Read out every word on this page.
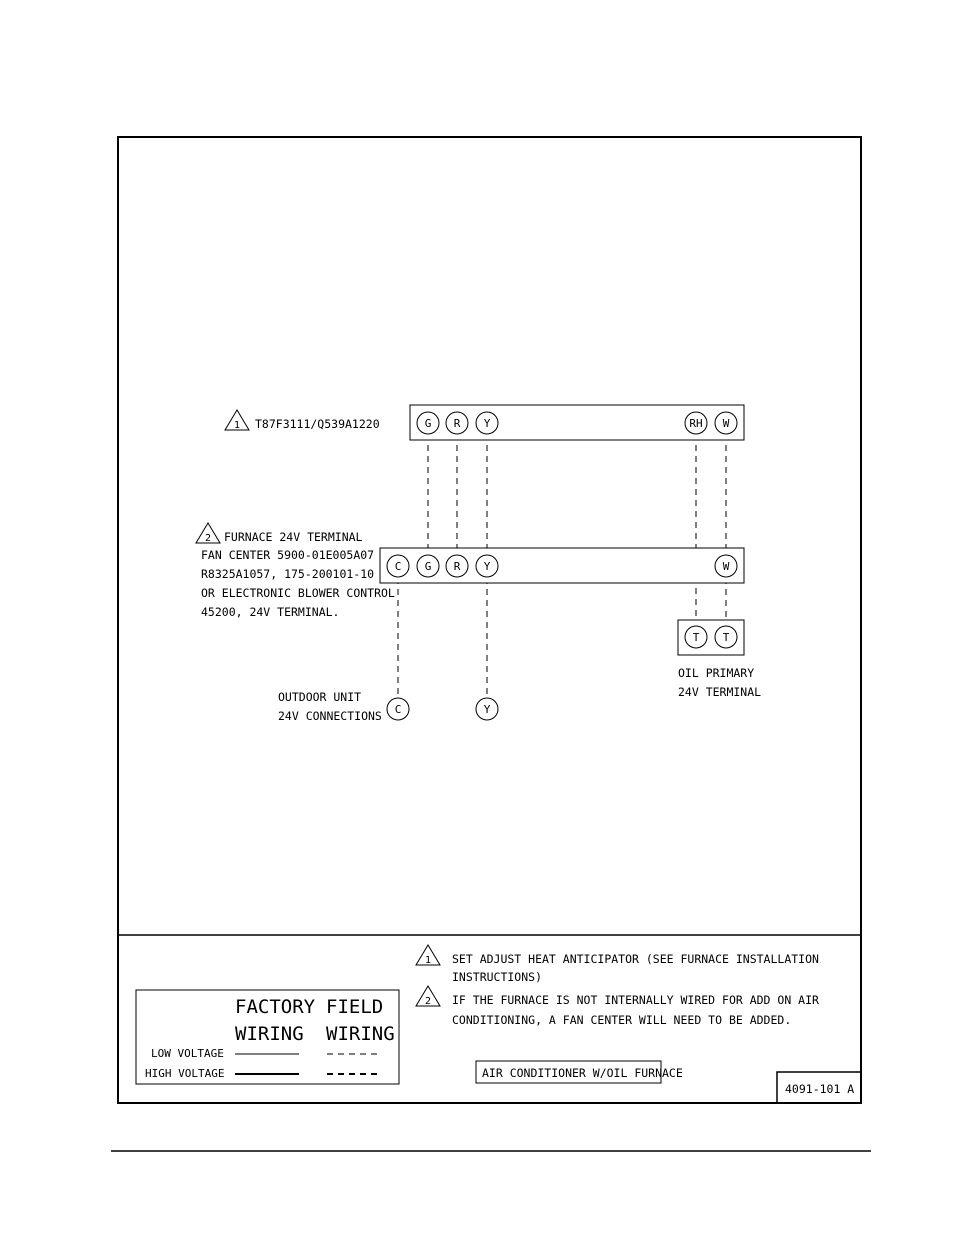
G R Y	RH W
1 T87F3111/Q539A1220
C G R Y	W
2 FURNACE 24V TERMINAL
FAN CENTER 5900-01E005A07
R8325A1057, 175-200101-10
OR ELECTRONIC BLOWER CONTROL
45200, 24V TERMINAL.
T T
OIL PRIMARY
24V TERMINAL
OUTDOOR UNIT
24V CONNECTIONS C	Y
FACTORY
WIRING
FIELD
WIRING
LOW VOLTAGE
HIGH VOLTAGE
1 SET ADJUST HEAT ANTICIPATOR (SEE FURNACE INSTALLATION
INSTRUCTIONS)
2 IF THE FURNACE IS NOT INTERNALLY WIRED FOR ADD ON AIR
CONDITIONING, A FAN CENTER WILL NEED TO BE ADDED.
AIR CONDITIONER W/OIL FURNACE
4091-101 A
